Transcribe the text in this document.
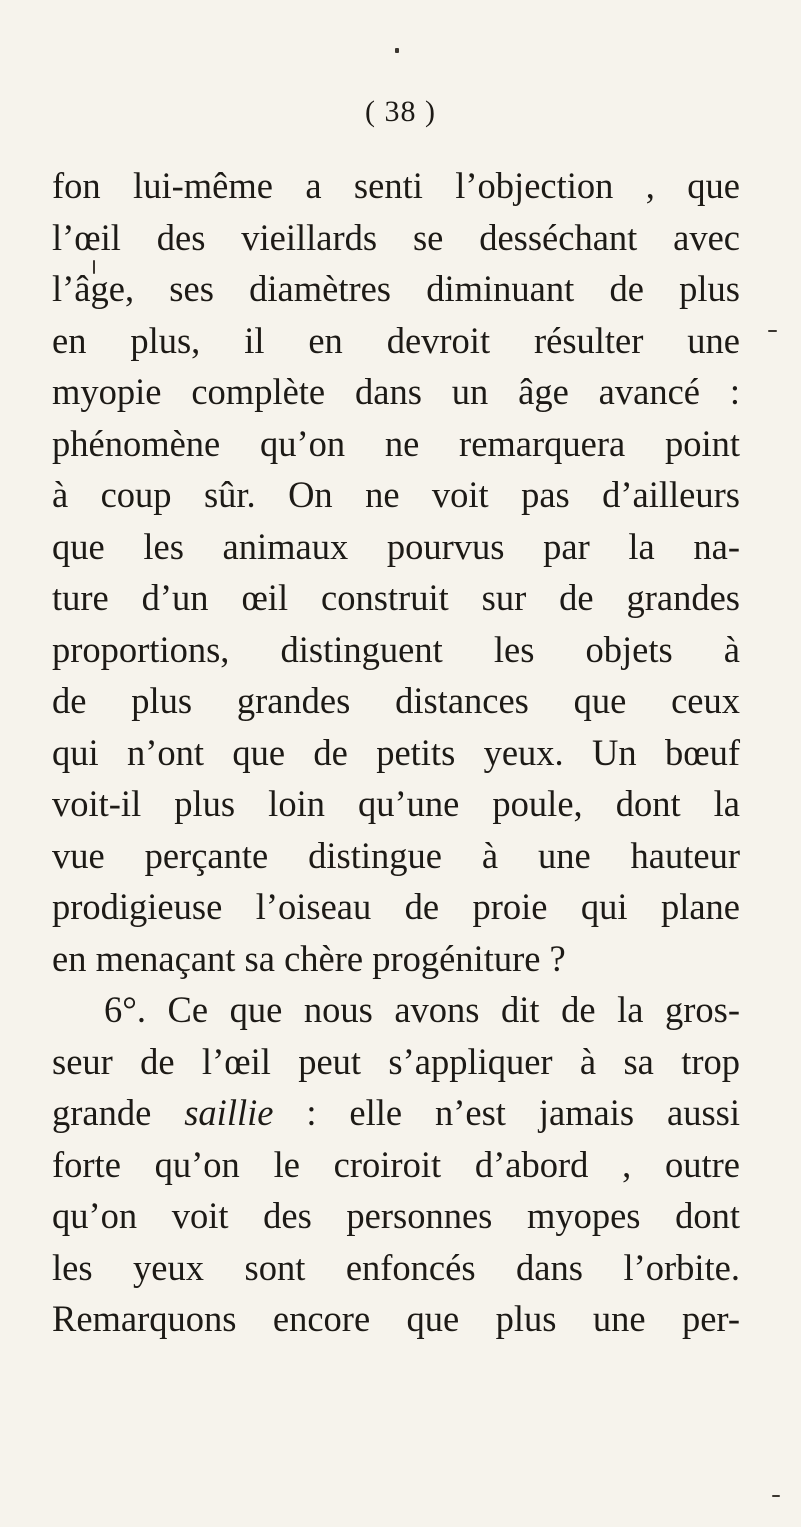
( 38 )
fon lui-même a senti l’objection , que
l’œil des vieillards se desséchant avec
l’âge, ses diamètres diminuant de plus
en plus, il en devroit résulter une
myopie complète dans un âge avancé :
phénomène qu’on ne remarquera point
à coup sûr. On ne voit pas d’ailleurs
que les animaux pourvus par la na-
ture d’un œil construit sur de grandes
proportions, distinguent les objets à
de plus grandes distances que ceux
qui n’ont que de petits yeux. Un bœuf
voit-il plus loin qu’une poule, dont la
vue perçante distingue à une hauteur
prodigieuse l’oiseau de proie qui plane
en menaçant sa chère progéniture ?
6°. Ce que nous avons dit de la gros-
seur de l’œil peut s’appliquer à sa trop
grande saillie : elle n’est jamais aussi
forte qu’on le croiroit d’abord , outre
qu’on voit des personnes myopes dont
les yeux sont enfoncés dans l’orbite.
Remarquons encore que plus une per-
